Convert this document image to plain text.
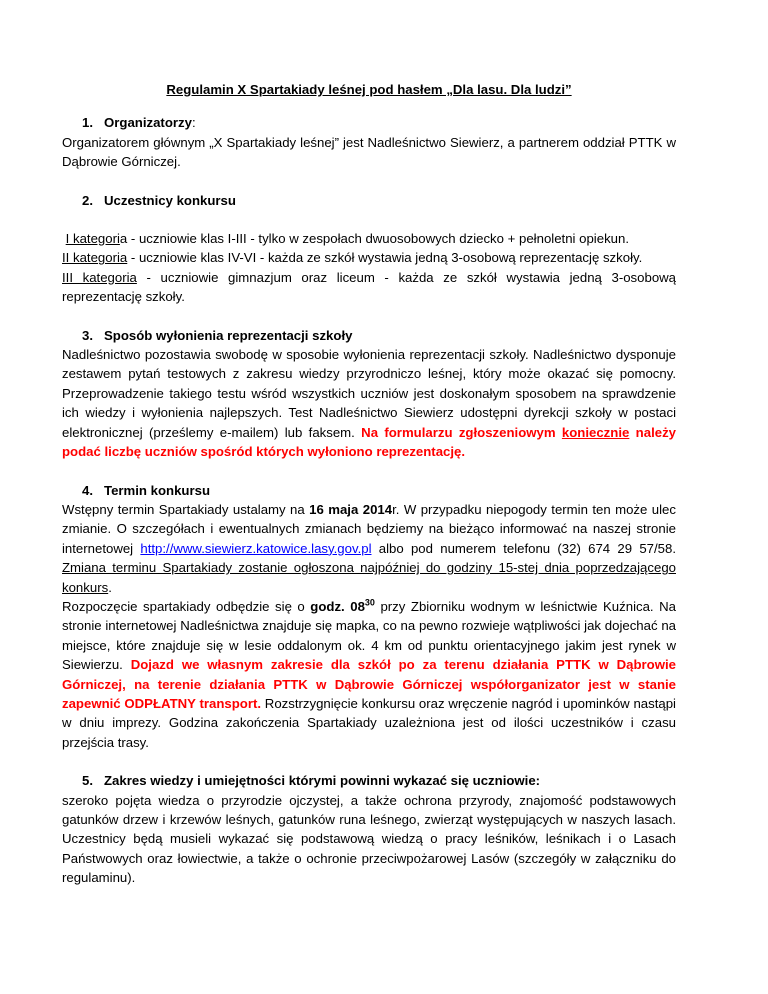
Regulamin X Spartakiady leśnej pod hasłem „Dla lasu. Dla ludzi”

1. Organizatorzy:

Organizatorem głównym „X Spartakiady leśnej” jest Nadleśnictwo Siewierz, a partnerem oddział PTTK w Dąbrowie Górniczej.

2. Uczestnicy konkursu

I kategoria - uczniowie klas I-III - tylko w zespołach dwuosobowych dziecko + pełnoletni opiekun.

II kategoria - uczniowie klas IV-VI - każda ze szkół wystawia jedną 3-osobową reprezentację szkoły.

III kategoria - uczniowie gimnazjum oraz liceum - każda ze szkół wystawia jedną 3-osobową reprezentację szkoły.

3. Sposób wyłonienia reprezentacji szkoły

Nadleśnictwo pozostawia swobodę w sposobie wyłonienia reprezentacji szkoły. Nadleśnictwo dysponuje zestawem pytań testowych z zakresu wiedzy przyrodniczo leśnej, który może okazać się pomocny. Przeprowadzenie takiego testu wśród wszystkich uczniów jest doskonałym sposobem na sprawdzenie ich wiedzy i wyłonienia najlepszych. Test Nadleśnictwo Siewierz udostępni dyrekcji szkoły w postaci elektronicznej (prześlemy e-mailem) lub faksem. Na formularzu zgłoszeniowym koniecznie należy podać liczbę uczniów spośród których wyłoniono reprezentację.

4. Termin konkursu

Wstępny termin Spartakiady ustalamy na 16 maja 2014r. W przypadku niepogody termin ten może ulec zmianie. O szczegółach i ewentualnych zmianach będziemy na bieżąco informować na naszej stronie internetowej http://www.siewierz.katowice.lasy.gov.pl albo pod numerem telefonu (32) 674 29 57/58. Zmiana terminu Spartakiady zostanie ogłoszona najpóźniej do godziny 15-stej dnia poprzedzającego konkurs.

Rozpoczęcie spartakiady odbędzie się o godz. $08^{30}$ przy Zbiorniku wodnym w leśnictwie Kuźnica. Na stronie internetowej Nadleśnictwa znajduje się mapka, co na pewno rozwieje wątpliwości jak dojechać na miejsce, które znajduje się w lesie oddalonym ok. 4 km od punktu orientacyjnego jakim jest rynek w Siewierzu. Dojazd we własnym zakresie dla szkół po za terenu działania PTTK w Dąbrowie Górniczej, na terenie działania PTTK w Dąbrowie Górniczej współorganizator jest w stanie zapewnić ODPŁATNY transport. Rozstrzygnięcie konkursu oraz wręczenie nagród i upominków nastąpi w dniu imprezy. Godzina zakończenia Spartakiady uzależniona jest od ilości uczestników i czasu przejścia trasy.

5. Zakres wiedzy i umiejętności którymi powinni wykazać się uczniowie:

szeroko pojęta wiedza o przyrodzie ojczystej, a także ochrona przyrody, znajomość podstawowych gatunków drzew i krzewów leśnych, gatunków runa leśnego, zwierząt występujących w naszych lasach. Uczestnicy będą musieli wykazać się podstawową wiedzą o pracy leśników, leśnikach i o Lasach Państwowych oraz łowiectwie, a także o ochronie przeciwpożarowej Lasów (szczegóły w załączniku do regulaminu).
